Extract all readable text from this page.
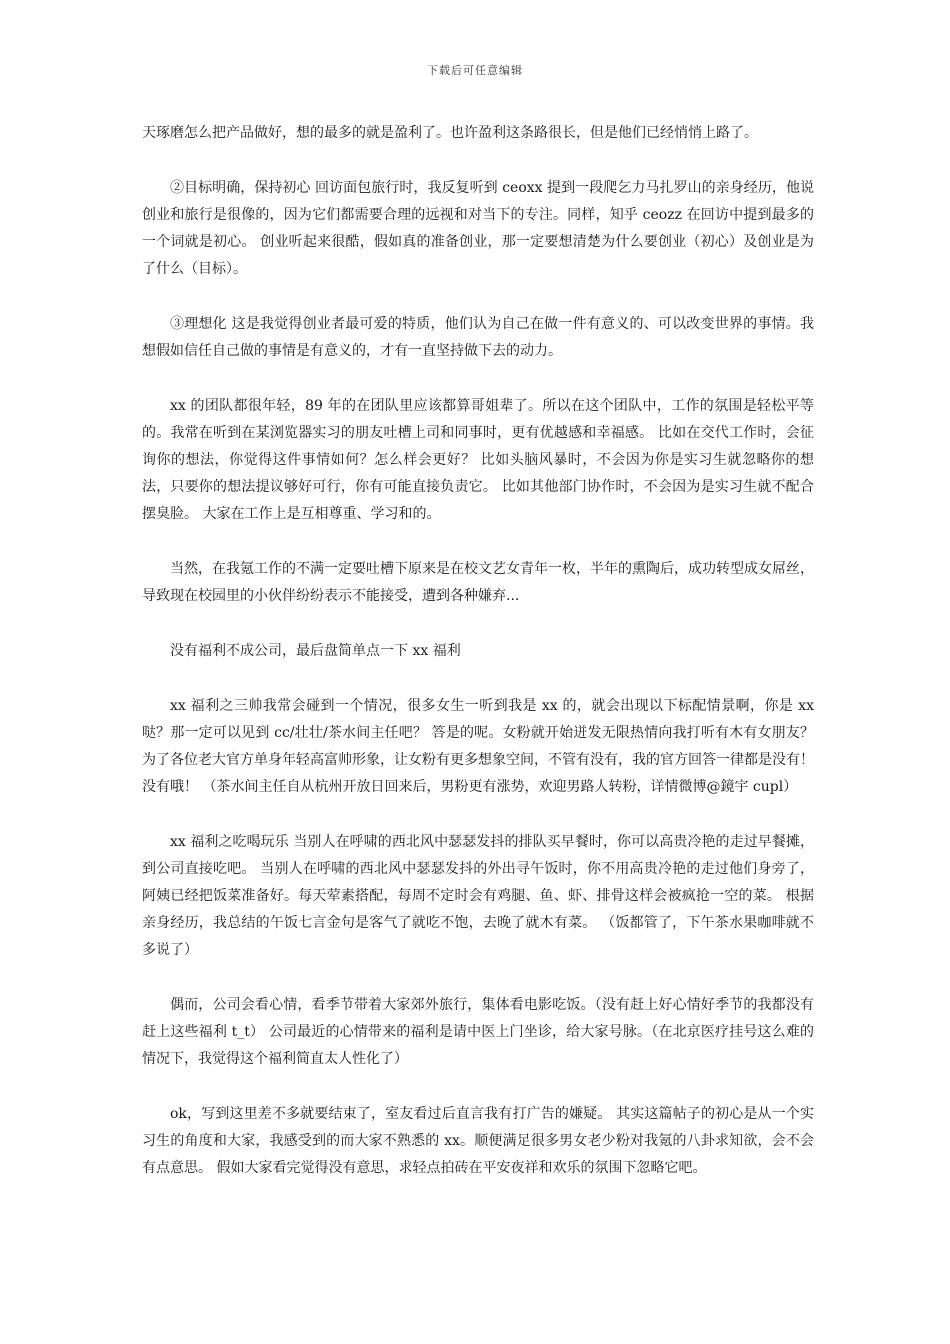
下载后可任意编辑

天琢磨怎么把产品做好，想的最多的就是盈利了。也许盈利这条路很长，但是他们已经悄悄上路了。

②目标明确，保持初心 回访面包旅行时，我反复听到 ceoxx 提到一段爬乞力马扎罗山的亲身经历，他说创业和旅行是很像的，因为它们都需要合理的远视和对当下的专注。同样，知乎 ceozz 在回访中提到最多的一个词就是初心。 创业听起来很酷，假如真的准备创业，那一定要想清楚为什么要创业（初心）及创业是为了什么（目标）。

③理想化 这是我觉得创业者最可爱的特质，他们认为自己在做一件有意义的、可以改变世界的事情。我想假如信任自己做的事情是有意义的，才有一直坚持做下去的动力。

xx 的团队都很年轻，89 年的在团队里应该都算哥姐辈了。所以在这个团队中，工作的氛围是轻松平等的。我常在听到在某浏览器实习的朋友吐槽上司和同事时，更有优越感和幸福感。 比如在交代工作时，会征询你的想法，你觉得这件事情如何？怎么样会更好？ 比如头脑风暴时，不会因为你是实习生就忽略你的想法，只要你的想法提议够好可行，你有可能直接负责它。 比如其他部门协作时，不会因为是实习生就不配合摆臭脸。 大家在工作上是互相尊重、学习和的。

当然，在我氪工作的不满一定要吐槽下原来是在校文艺女青年一枚，半年的熏陶后，成功转型成女屌丝，导致现在校园里的小伙伴纷纷表示不能接受，遭到各种嫌弃...

没有福利不成公司，最后盘简单点一下 xx 福利

xx 福利之三帅我常会碰到一个情况，很多女生一听到我是 xx 的，就会出现以下标配情景啊，你是 xx 哒？那一定可以见到 cc/壮壮/茶水间主任吧？ 答是的呢。女粉就开始迸发无限热情向我打听有木有女朋友？ 为了各位老大官方单身年轻高富帅形象，让女粉有更多想象空间，不管有没有，我的官方回答一律都是没有！没有哦！ （茶水间主任自从杭州开放日回来后，男粉更有涨势，欢迎男路人转粉，详情微博@鏡宇 cupl）

xx 福利之吃喝玩乐 当别人在呼啸的西北风中瑟瑟发抖的排队买早餐时，你可以高贵冷艳的走过早餐摊，到公司直接吃吧。 当别人在呼啸的西北风中瑟瑟发抖的外出寻午饭时，你不用高贵冷艳的走过他们身旁了，阿姨已经把饭菜准备好。每天荤素搭配，每周不定时会有鸡腿、鱼、虾、排骨这样会被疯抢一空的菜。 根据亲身经历，我总结的午饭七言金句是客气了就吃不饱，去晚了就木有菜。 （饭都管了，下午茶水果咖啡就不多说了）

偶而，公司会看心情，看季节带着大家郊外旅行，集体看电影吃饭。（没有赶上好心情好季节的我都没有赶上这些福利 t_t） 公司最近的心情带来的福利是请中医上门坐诊，给大家号脉。（在北京医疗挂号这么难的情况下，我觉得这个福利简直太人性化了）

ok，写到这里差不多就要结束了，室友看过后直言我有打广告的嫌疑。 其实这篇帖子的初心是从一个实习生的角度和大家，我感受到的而大家不熟悉的 xx。顺便满足很多男女老少粉对我氪的八卦求知欲，会不会有点意思。 假如大家看完觉得没有意思，求轻点拍砖在平安夜祥和欢乐的氛围下忽略它吧。
